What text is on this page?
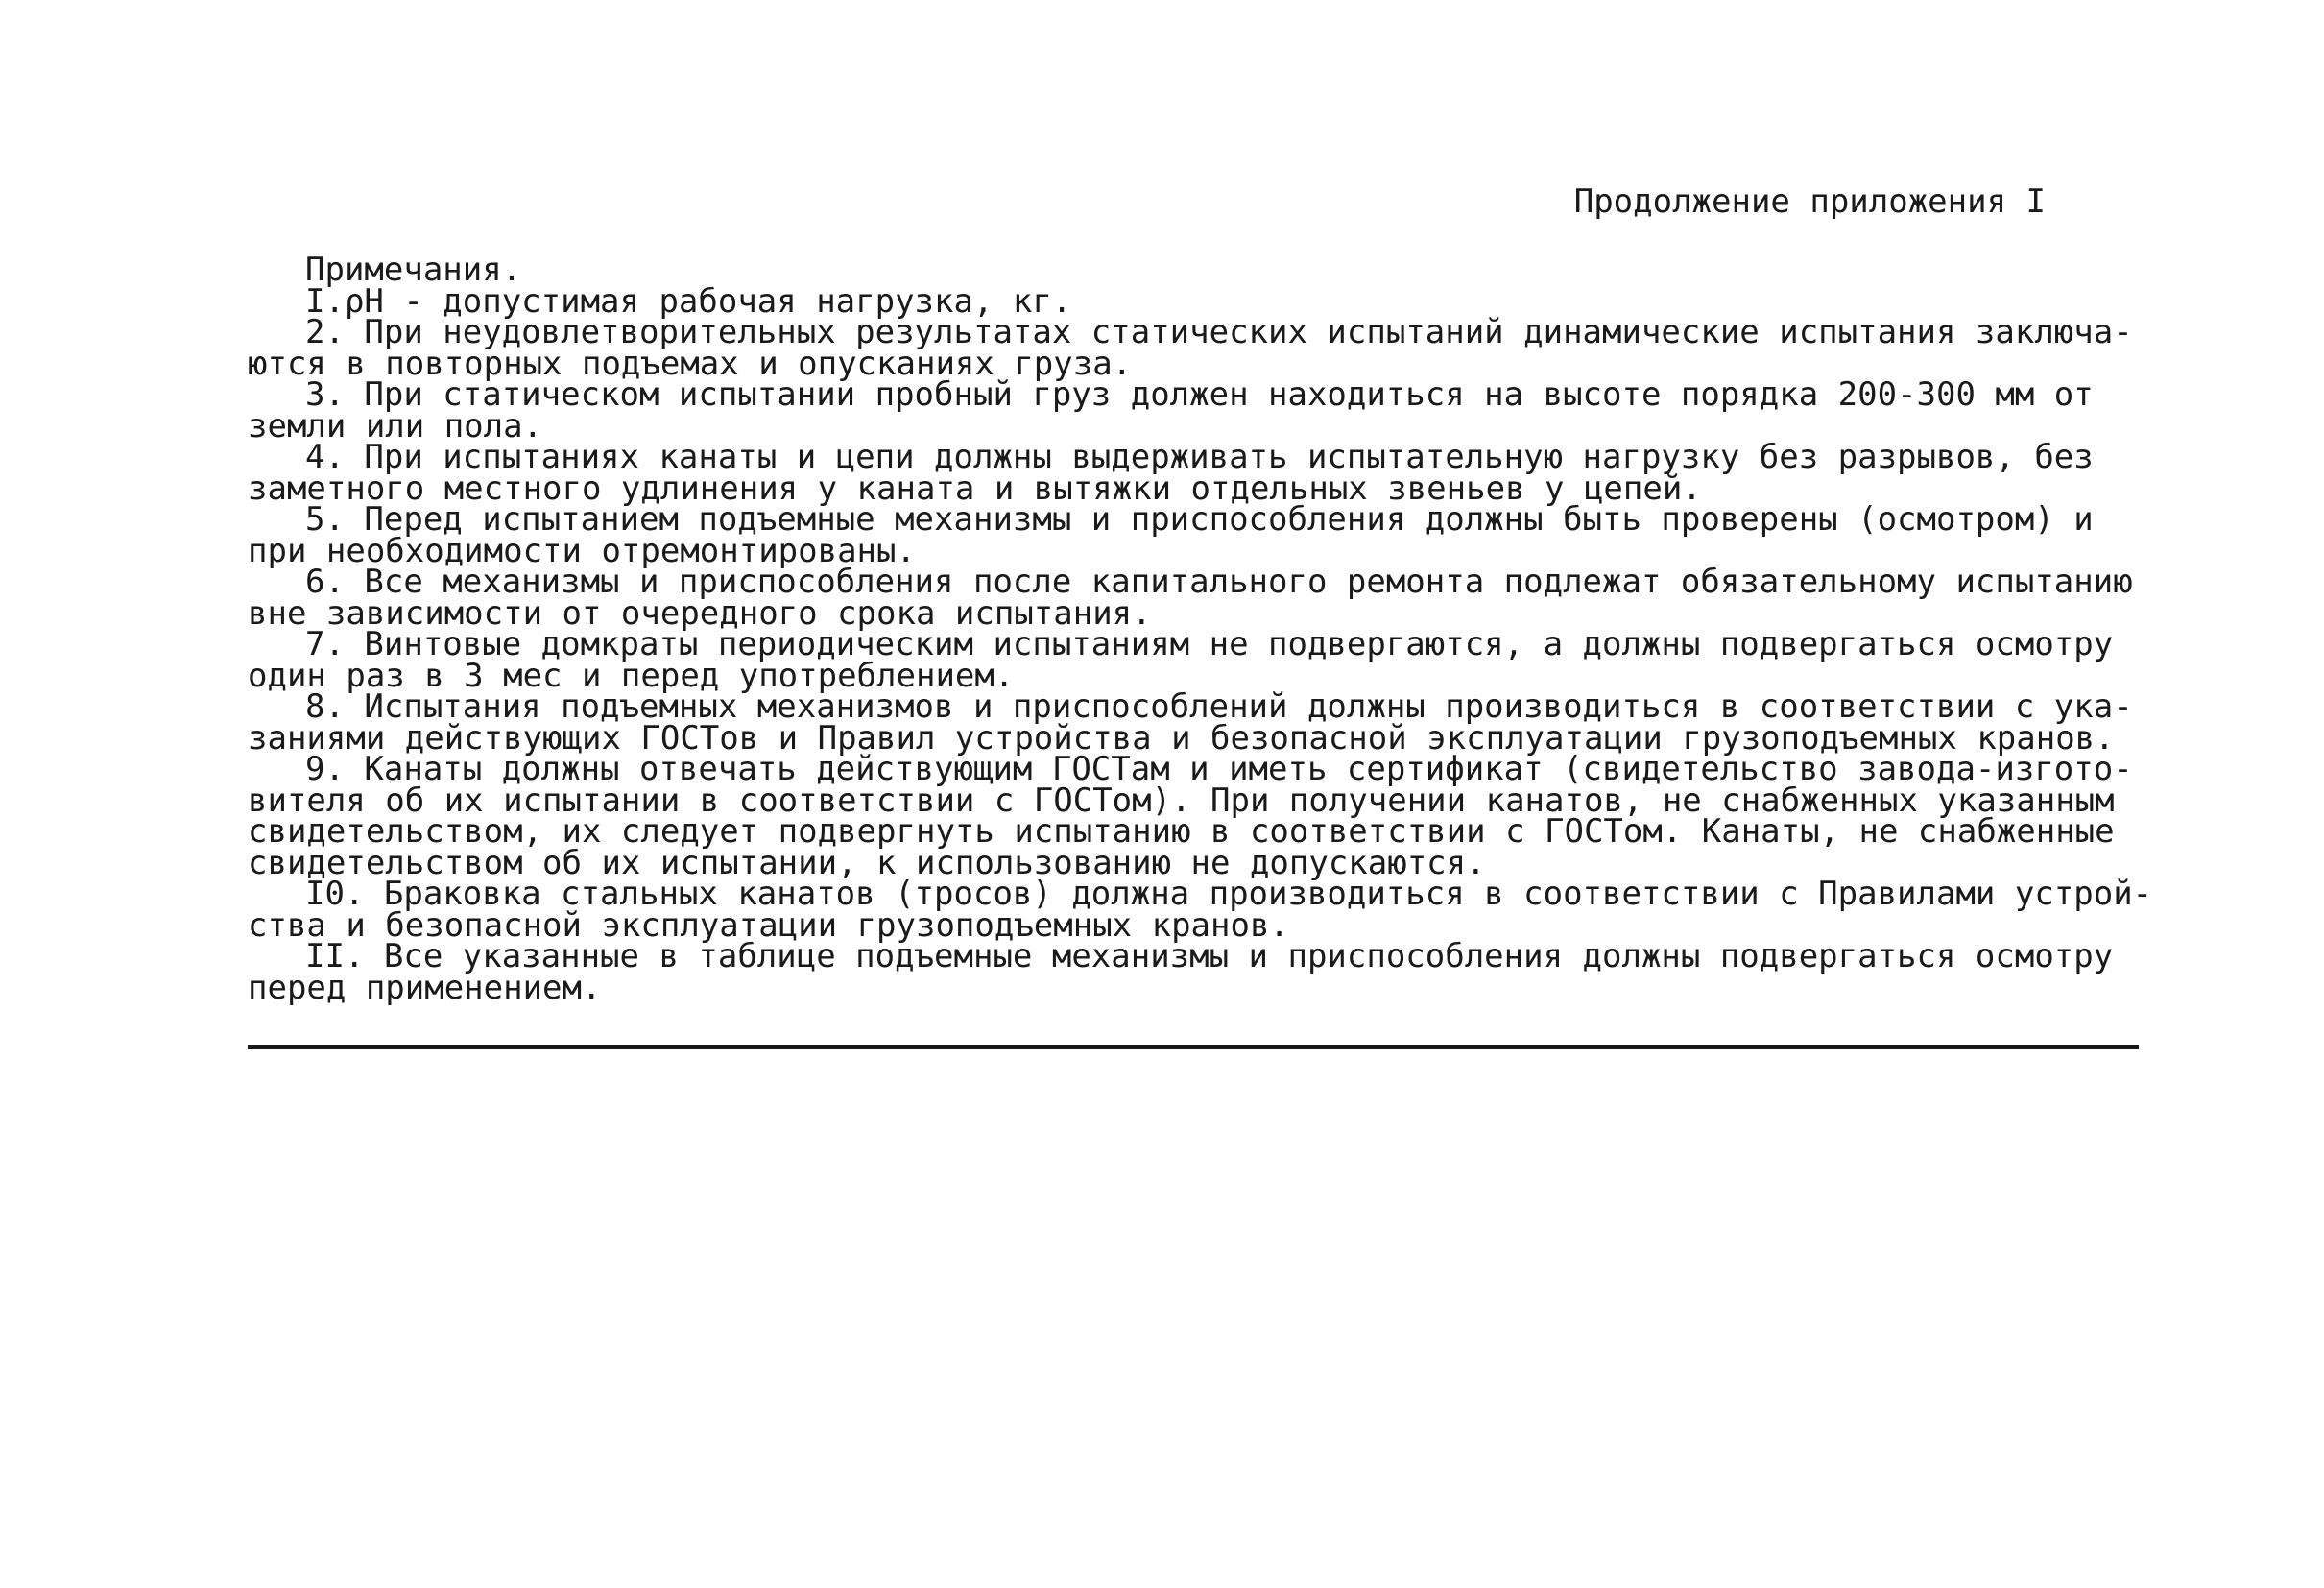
Продолжение приложения I
Примечания.
I.ρH - допустимая рабочая нагрузка, кг.
2. При неудовлетворительных результатах статических испытаний динамические испытания заключа-
ются в повторных подъемах и опусканиях груза.
3. При статическом испытании пробный груз должен находиться на высоте порядка 200-300 мм от
земли или пола.
4. При испытаниях канаты и цепи должны выдерживать испытательную нагрузку без разрывов, без
заметного местного удлинения у каната и вытяжки отдельных звеньев у цепей.
5. Перед испытанием подъемные механизмы и приспособления должны быть проверены (осмотром) и
при необходимости отремонтированы.
6. Все механизмы и приспособления после капитального ремонта подлежат обязательному испытанию
вне зависимости от очередного срока испытания.
7. Винтовые домкраты периодическим испытаниям не подвергаются, а должны подвергаться осмотру
один раз в 3 мес и перед употреблением.
8. Испытания подъемных механизмов и приспособлений должны производиться в соответствии с ука-
заниями действующих ГОСТов и Правил устройства и безопасной эксплуатации грузоподъемных кранов.
9. Канаты должны отвечать действующим ГОСТам и иметь сертификат (свидетельство завода-изгото-
вителя об их испытании в соответствии с ГОСТом). При получении канатов, не снабженных указанным
свидетельством, их следует подвергнуть испытанию в соответствии с ГОСТом. Канаты, не снабженные
свидетельством об их испытании, к использованию не допускаются.
I0. Браковка стальных канатов (тросов) должна производиться в соответствии с Правилами устрой-
ства и безопасной эксплуатации грузоподъемных кранов.
II. Все указанные в таблице подъемные механизмы и приспособления должны подвергаться осмотру
перед применением.
